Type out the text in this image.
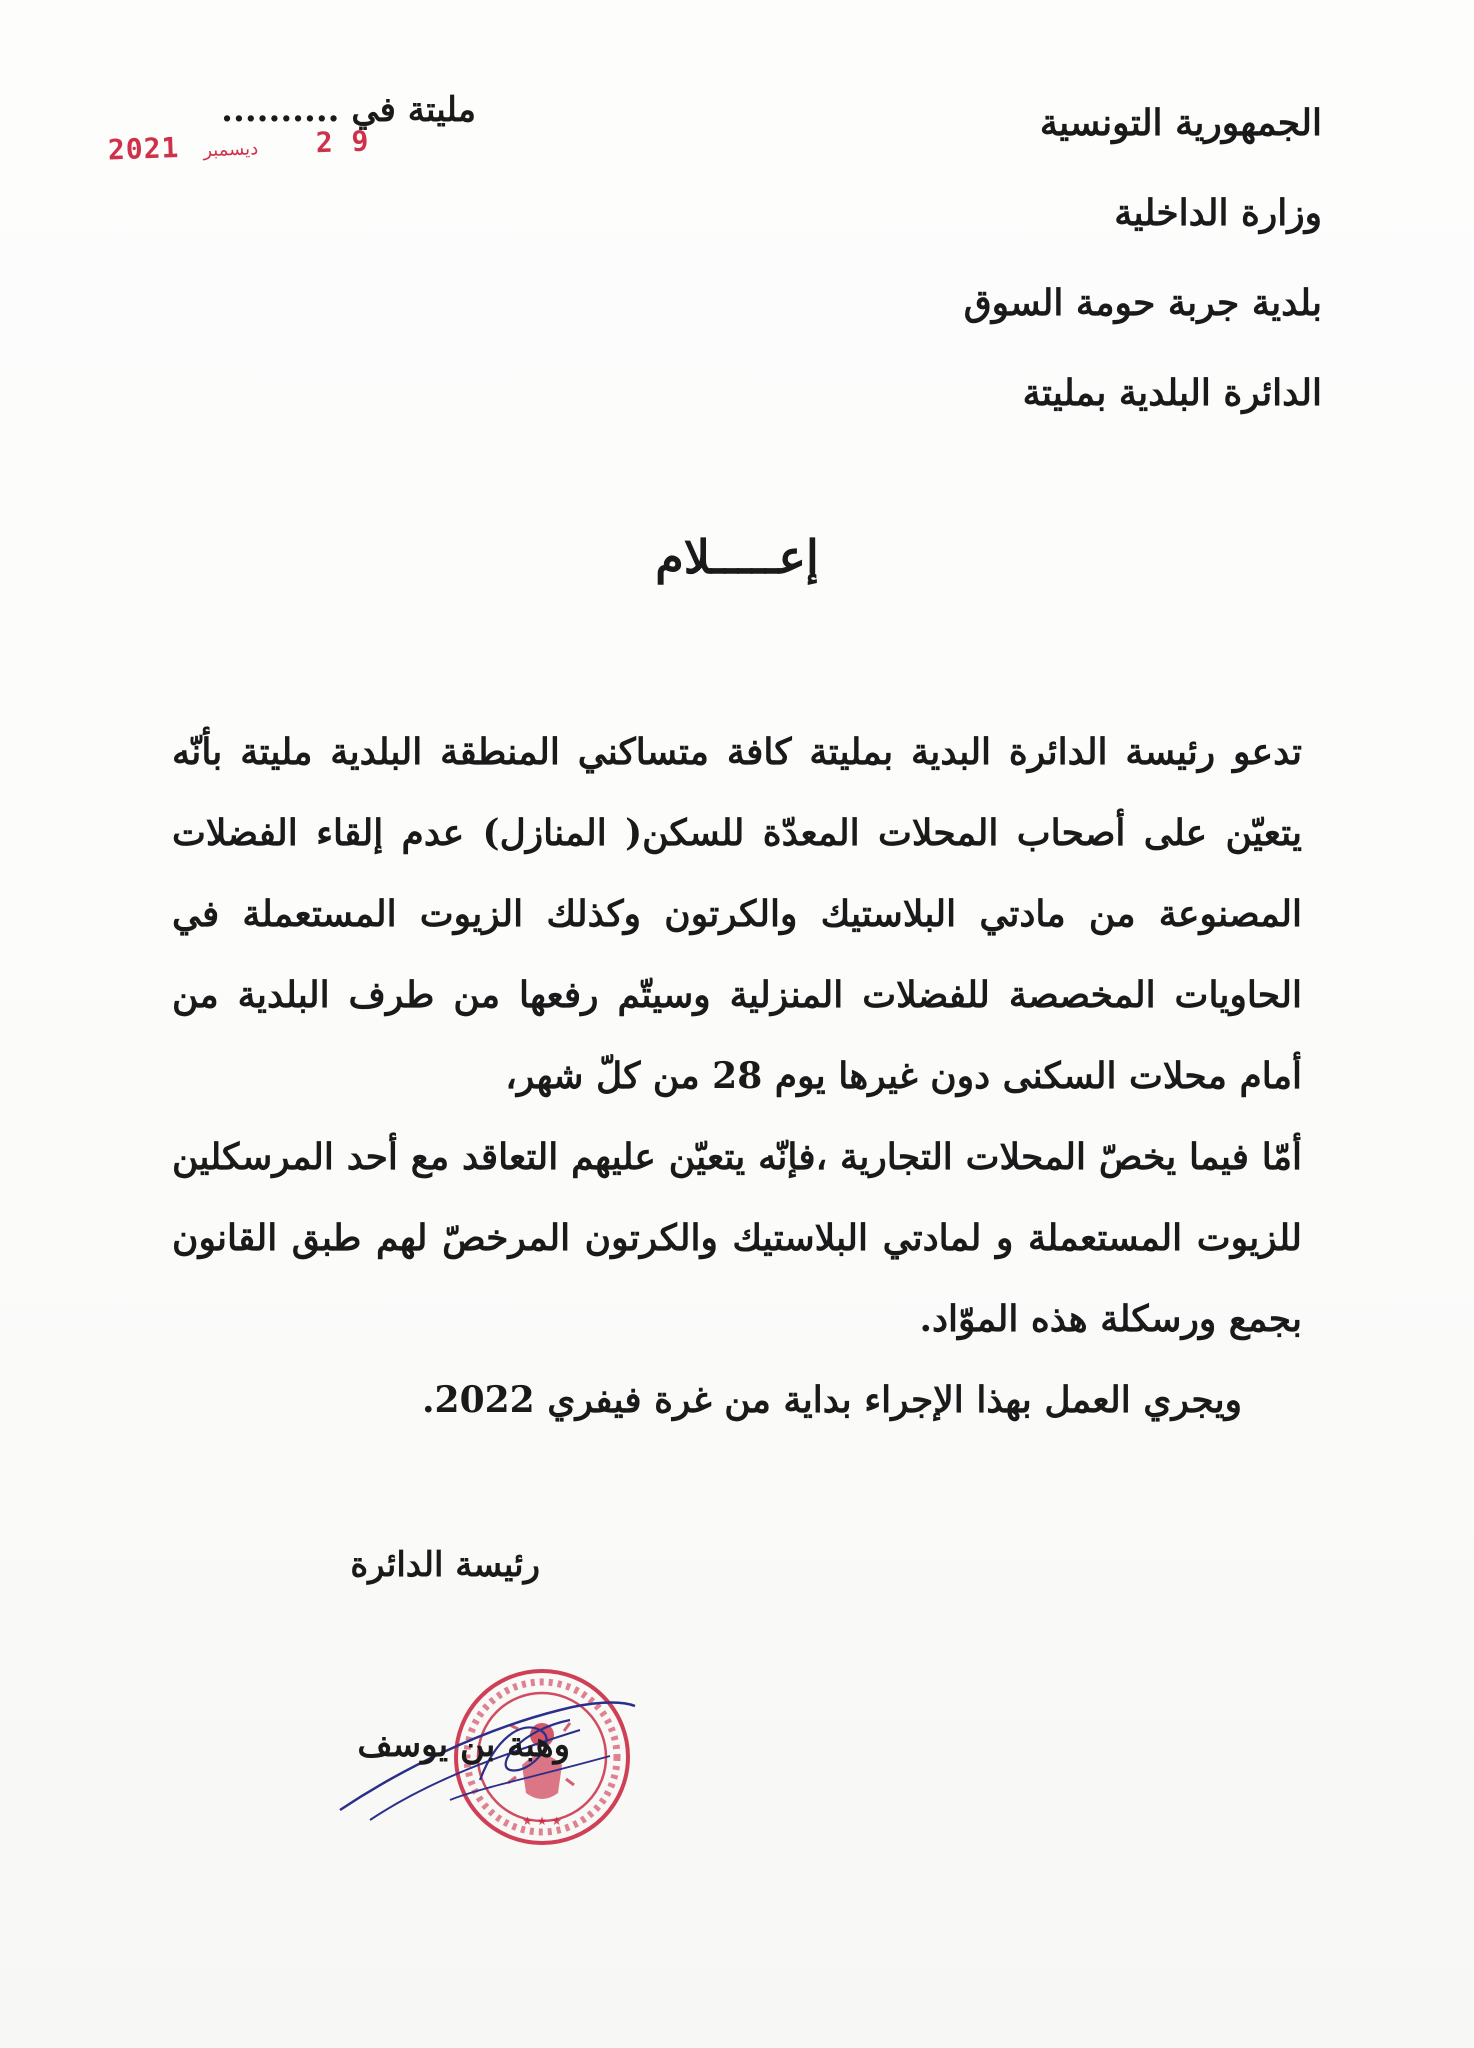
الجمهورية التونسية
وزارة الداخلية
بلدية جربة حومة السوق
الدائرة البلدية بمليتة
مليتة في ..........
2021 ديسمبر 2 9
إعـــــلام

تدعو رئيسة الدائرة البدية بمليتة كافة متساكني المنطقة البلدية مليتة بأنّه يتعيّن على أصحاب المحلات المعدّة للسكن( المنازل) عدم إلقاء الفضلات المصنوعة من مادتي البلاستيك والكرتون وكذلك الزيوت المستعملة في الحاويات المخصصة للفضلات المنزلية وسيتّم رفعها من طرف البلدية من أمام محلات السكنى دون غيرها يوم 28 من كلّ شهر،

أمّا فيما يخصّ المحلات التجارية ،فإنّه يتعيّن عليهم التعاقد مع أحد المرسكلين للزيوت المستعملة و لمادتي البلاستيك والكرتون المرخصّ لهم طبق القانون بجمع ورسكلة هذه الموّاد.

ويجري العمل بهذا الإجراء بداية من غرة فيفري 2022.

رئيسة الدائرة
★ ★ ★
وهبة بن يوسف
